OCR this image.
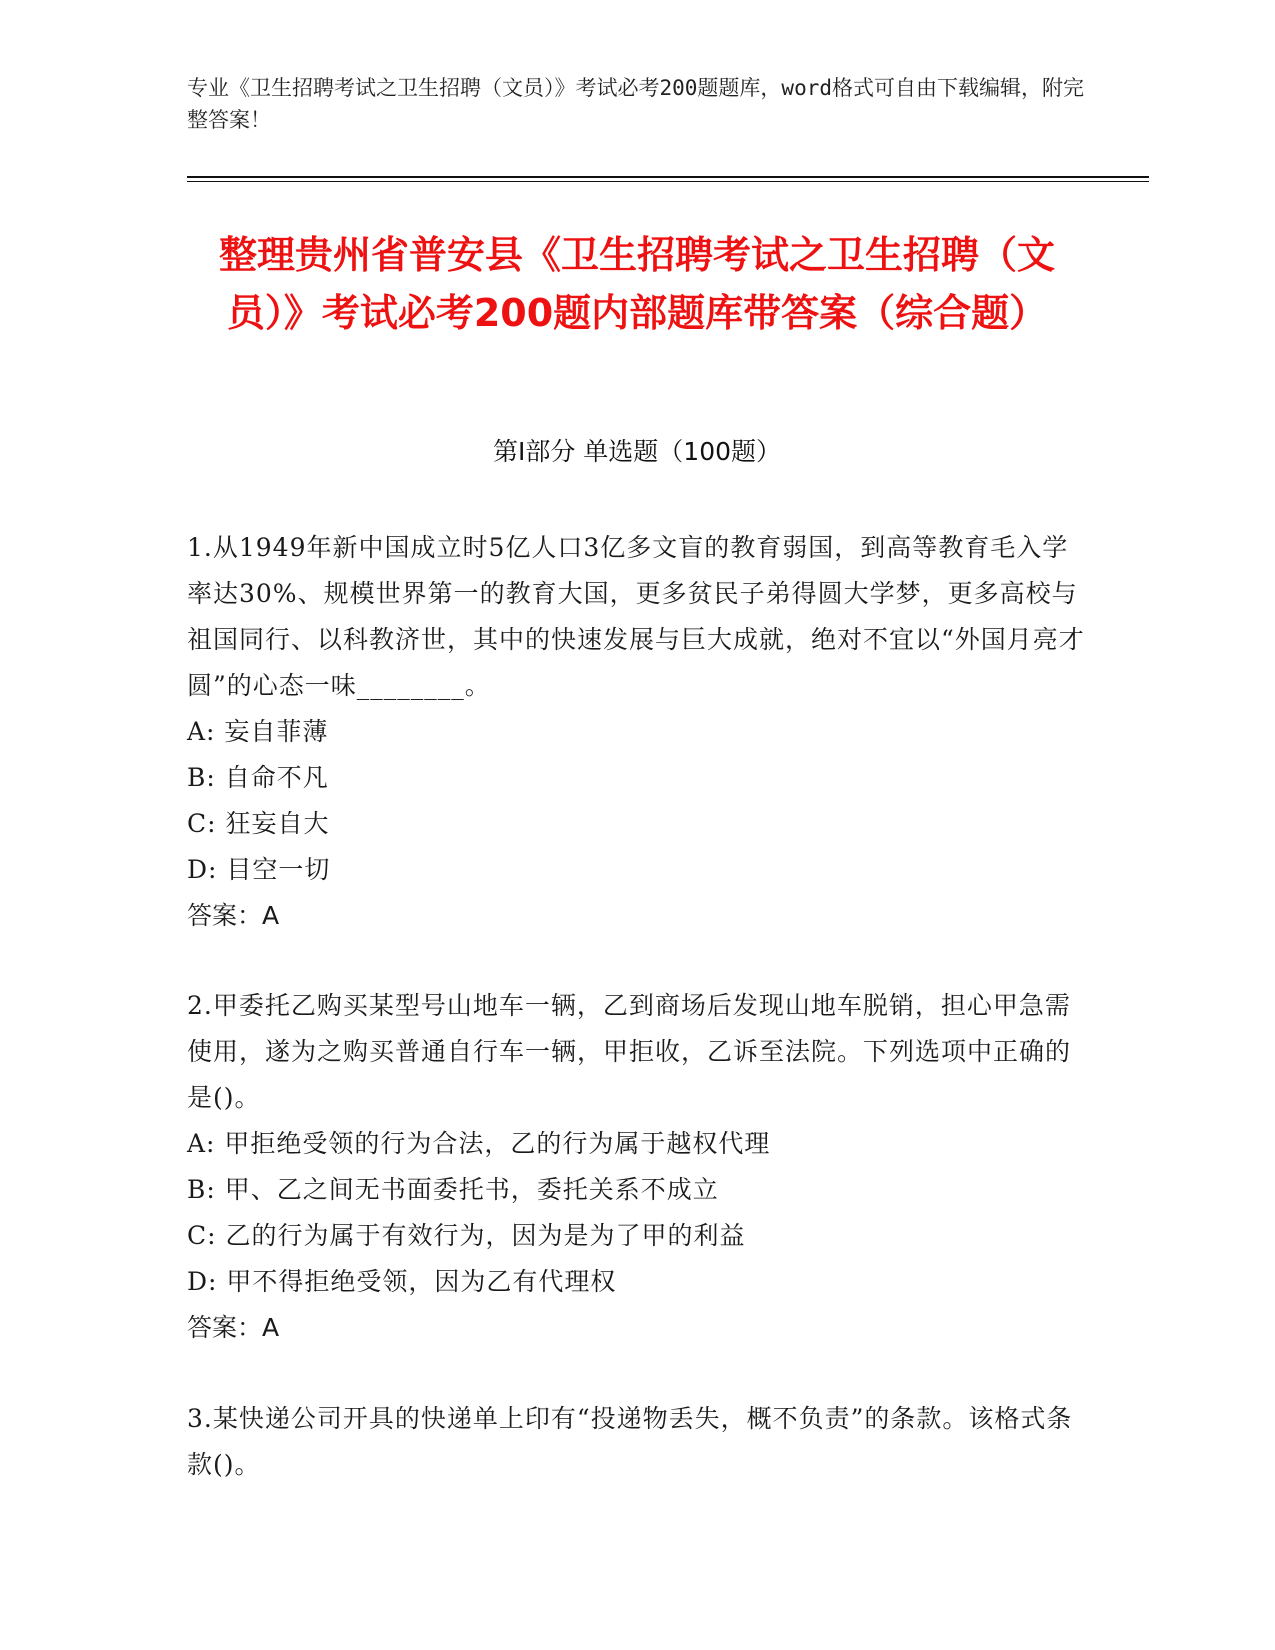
专业《卫生招聘考试之卫生招聘（文员）》考试必考200题题库，word格式可自由下载编辑，附完整答案！
整理贵州省普安县《卫生招聘考试之卫生招聘（文员）》考试必考200题内部题库带答案（综合题）
第Ⅰ部分 单选题（100题）
1.从1949年新中国成立时5亿人口3亿多文盲的教育弱国，到高等教育毛入学率达30%、规模世界第一的教育大国，更多贫民子弟得圆大学梦，更多高校与祖国同行、以科教济世，其中的快速发展与巨大成就，绝对不宜以“外国月亮才圆”的心态一味________。
A: 妄自菲薄
B: 自命不凡
C: 狂妄自大
D: 目空一切
答案：A
2.甲委托乙购买某型号山地车一辆，乙到商场后发现山地车脱销，担心甲急需使用，遂为之购买普通自行车一辆，甲拒收，乙诉至法院。下列选项中正确的是()。
A: 甲拒绝受领的行为合法，乙的行为属于越权代理
B: 甲、乙之间无书面委托书，委托关系不成立
C: 乙的行为属于有效行为，因为是为了甲的利益
D: 甲不得拒绝受领，因为乙有代理权
答案：A
3.某快递公司开具的快递单上印有“投递物丢失，概不负责”的条款。该格式条款()。
